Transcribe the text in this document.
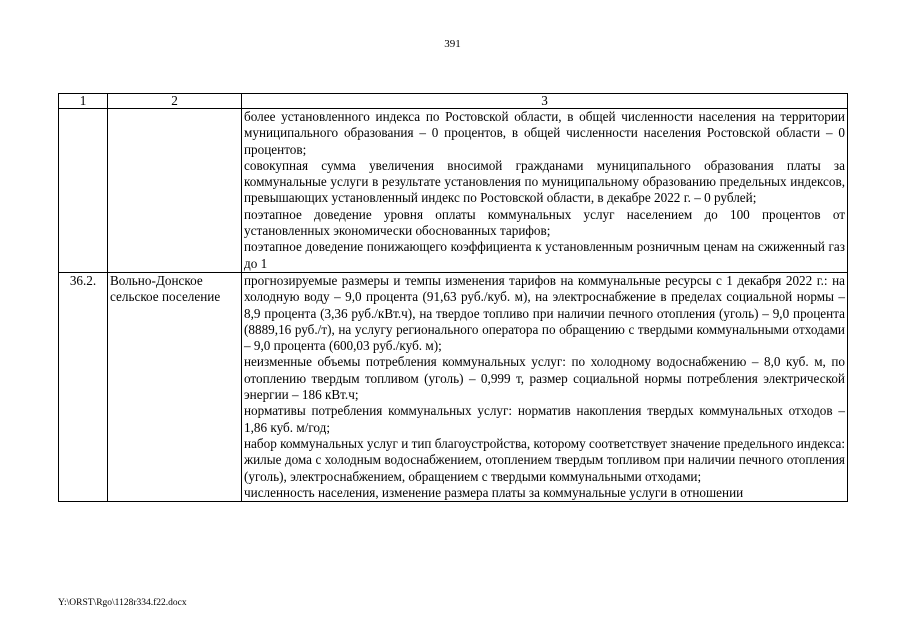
391
1	2	3

		более установленного индекса по Ростовской области, в общей численности населения на территории муниципального образования – 0 процентов, в общей численности населения Ростовской области – 0 процентов;

совокупная сумма увеличения вносимой гражданами муниципального образования платы за коммунальные услуги в результате установления по муниципальному образованию предельных индексов, превышающих установленный индекс по Ростовской области, в декабре 2022 г. – 0 рублей;

поэтапное доведение уровня оплаты коммунальных услуг населением до 100 процентов от установленных экономически обоснованных тарифов;

поэтапное доведение понижающего коэффициента к установленным розничным ценам на сжиженный газ до 1

36.2.	Вольно-Донское сельское поселение	прогнозируемые размеры и темпы изменения тарифов на коммунальные ресурсы с 1 декабря 2022 г.: на холодную воду – 9,0 процента (91,63 руб./куб. м), на электроснабжение в пределах социальной нормы – 8,9 процента (3,36 руб./кВт.ч), на твердое топливо при наличии печного отопления (уголь) – 9,0 процента (8889,16 руб./т), на услугу регионального оператора по обращению с твердыми коммунальными отходами – 9,0 процента (600,03 руб./куб. м);

неизменные объемы потребления коммунальных услуг: по холодному водоснабжению – 8,0 куб. м, по отоплению твердым топливом (уголь) – 0,999 т, размер социальной нормы потребления электрической энергии – 186 кВт.ч;

нормативы потребления коммунальных услуг: норматив накопления твердых коммунальных отходов – 1,86 куб. м/год;

набор коммунальных услуг и тип благоустройства, которому соответствует значение предельного индекса: жилые дома с холодным водоснабжением, отоплением твердым топливом при наличии печного отопления (уголь), электроснабжением, обращением с твердыми коммунальными отходами;

численность населения, изменение размера платы за коммунальные услуги в отношении

Y:\ORST\Rgo\1128r334.f22.docx
